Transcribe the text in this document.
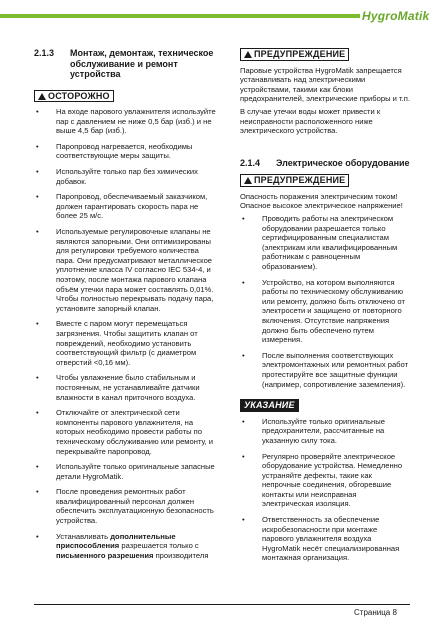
HygroMatik
2.1.3	Монтаж, демонтаж, техническое обслуживание и ремонт устройства
ОСТОРОЖНО
• На входе парового увлажнителя используйте пар с давлением не ниже 0,5 бар (изб.) и не выше 4,5 бар (изб.).
• Паропровод нагревается, необходимы соответствующие меры защиты.
• Используйте только пар без химических добавок.
• Паропровод, обеспечиваемый заказчиком, должен гарантировать скорость пара не более 25 м/с.
• Используемые регулировочные клапаны не являются запорными. Они оптимизированы для регулировки требуемого количества пара. Они предусматривают металлическое уплотнение класса IV согласно IEC 534-4, и поэтому, после монтажа парового клапана объём утечки пара может составлять 0,01%. Чтобы полностью перекрывать подачу пара, установите запорный клапан.
• Вместе с паром могут перемещаться загрязнения. Чтобы защитить клапан от повреждений, необходимо установить соответствующий фильтр (с диаметром отверстий <0,16 мм).
• Чтобы увлажнение было стабильным и постоянным, не устанавливайте датчики влажности в канал приточного воздуха.
• Отключайте от электрической сети компоненты парового увлажнителя, на которых необходимо провести работы по техническому обслуживанию или ремонту, и перекрывайте паропровод.
• Используйте только оригинальные запасные детали HygroMatik.
• После проведения ремонтных работ квалифицированный персонал должен обеспечить эксплуатационную безопасность устройства.
• Устанавливать дополнительные приспособления разрешается только с письменного разрешения производителя
ПРЕДУПРЕЖДЕНИЕ
Паровые устройства HygroMatik запрещается устанавливать над электрическими устройствами, такими как блоки предохранителей, электрические приборы и т.п.
В случае утечки воды может привести к неисправности расположенного ниже электрического устройства.
2.1.4	Электрическое оборудование
ПРЕДУПРЕЖДЕНИЕ
Опасность поражения электрическим током!
Опасное высокое электрическое напряжение!
• Проводить работы на электрическом оборудовании разрешается только сертифицированным специалистам (электрикам или квалифицированным работникам с равноценным образованием).
• Устройство, на котором выполняются работы по техническому обслуживанию или ремонту, должно быть отключено от электросети и защищено от повторного включения. Отсутствие напряжения должно быть обеспечено путем измерения.
• После выполнения соответствующих электромонтажных или ремонтных работ протестируйте все защитные функции (например, сопротивление заземления).
УКАЗАНИЕ
• Используйте только оригинальные предохранители, рассчитанные на указанную силу тока.
• Регулярно проверяйте электрическое оборудование устройства. Немедленно устраняйте дефекты, такие как непрочные соединения, обгоревшие контакты или неисправная электрическая изоляция.
• Ответственность за обеспечение искробезопасности при монтаже парового увлажнителя воздуха HygroMatik несёт специализированная монтажная организация.
Страница 8
